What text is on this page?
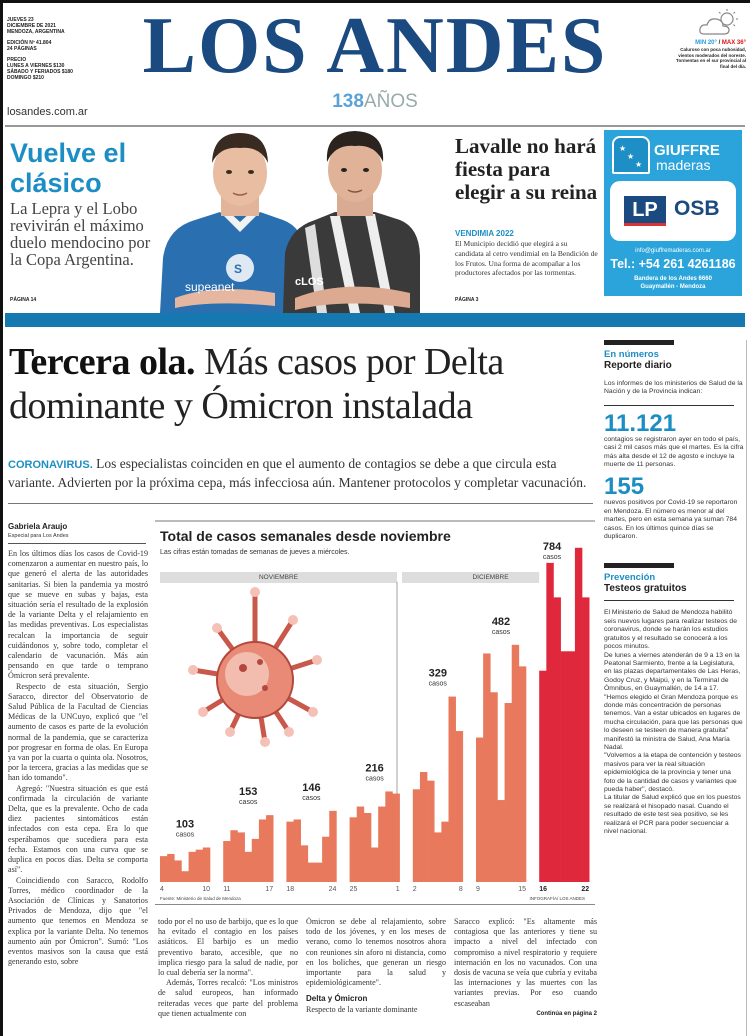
JUEVES 23
DICIEMBRE DE 2021
MENDOZA, ARGENTINA
EDICIÓN Nº 41.804
24 PÁGINAS
PRECIO
LUNES A VIERNES $130
SÁBADO Y FERIADOS $180
DOMINGO $210
losandes.com.ar
LOS ANDES
138AÑOS
MIN 20° / MAX 36°
Caluroso con poca nubosidad, vientos moderados del noreste. Tormentas en el sur provincial al final del día.
Vuelve el clásico
La Lepra y el Lobo revivirán el máximo duelo mendocino por la Copa Argentina.
PÁGINA 14
S
supeanet	cLOS
Lavalle no hará fiesta para elegir a su reina
VENDIMIA 2022
El Municipio decidió que elegirá a su candidata al cetro vendimial en la Bendición de los Frutos. Una forma de acompañar a los productores afectados por las tormentas.
PÁGINA 3
★
★
★
GIUFFRE
maderas
LP OSB
info@giuffremaderas.com.ar
Tel.: +54 261 4261186
Bandera de los Andes 6660
Guaymallén - Mendoza
Tercera ola. Más casos por Delta dominante y Ómicron instalada
CORONAVIRUS. Los especialistas coinciden en que el aumento de contagios se debe a que circula esta variante. Advierten por la próxima cepa, más infecciosa aún. Mantener protocolos y completar vacunación.
Gabriela Araujo
Especial para Los Andes

En los últimos días los casos de Covid-19 comenzaron a aumentar en nuestro país, lo que generó el alerta de las autoridades sanitarias. Si bien la pandemia ya mostró que se mueve en subas y bajas, esta situación sería el resultado de la explosión de la variante Delta y el relajamiento en las medidas preventivas. Los especialistas recalcan la importancia de seguir cuidándonos y, sobre todo, completar el calendario de vacunación. Más aún pensando en que tarde o temprano Ómicron será prevalente.

Respecto de esta situación, Sergio Saracco, director del Observatorio de Salud Pública de la Facultad de Ciencias Médicas de la UNCuyo, explicó que "el aumento de casos es parte de la evolución normal de la pandemia, que se caracteriza por progresar en forma de olas. En Europa ya van por la cuarta o quinta ola. Nosotros, por la tercera, gracias a las medidas que se han ido tomando".

Agregó: "Nuestra situación es que está confirmada la circulación de variante Delta, que es la prevalente. Ocho de cada diez pacientes sintomáticos están infectados con esta cepa. Era lo que esperábamos que sucediera para esta fecha. Estamos con una curva que se duplica en pocos días. Delta se comporta así".

Coincidiendo con Saracco, Rodolfo Torres, médico coordinador de la Asociación de Clínicas y Sanatorios Privados de Mendoza, dijo que "el aumento que tenemos en Mendoza se explica por la variante Delta. No tenemos aumento aún por Ómicron". Sumó: "Los eventos masivos son la causa que está generando esto, sobre

Total de casos semanales desde noviembre
Las cifras están tomadas de semanas de jueves a miércoles.
NOVIEMBRE	DICIEMBRE
4	10
103
casos
11	17
153
casos
18	24
146
casos
25	1
216
casos
2	8
329
casos
9	15
482
casos
16	22
784
casos
Fuente: Ministerio de Salud de Mendoza	INFOGRAFÍA/ LOS ANDES

todo por el no uso de barbijo, que es lo que ha evitado el contagio en los países asiáticos. El barbijo es un medio preventivo barato, accesible, que no implica riesgo para la salud de nadie, por lo cual debería ser la norma".

Además, Torres recalcó: "Los ministros de salud europeos, han informado reiteradas veces que parte del problema que tienen actualmente con

Ómicron se debe al relajamiento, sobre todo de los jóvenes, y en los meses de verano, como lo tenemos nosotros ahora con reuniones sin aforo ni distancia, como en los boliches, que generan un riesgo importante para la salud y epidemiológicamente".

Delta y Ómicron

Respecto de la variante dominante

Saracco explicó: "Es altamente más contagiosa que las anteriores y tiene su impacto a nivel del infectado con compromiso a nivel respiratorio y requiere internación en los no vacunados. Con una dosis de vacuna se veía que cubría y evitaba las internaciones y las muertes con las variantes previas. Por eso cuando escaseaban

Continúa en página 2
En números
Reporte diario
Los informes de los ministerios de Salud de la Nación y de la Provincia indican:
11.121
contagios se registraron ayer en todo el país, casi 2 mil casos más que el martes. Es la cifra más alta desde el 12 de agosto e incluye la muerte de 11 personas.
155
nuevos positivos por Covid-19 se reportaron en Mendoza. El número es menor al del martes, pero en esta semana ya suman 784 casos. En los últimos quince días se duplicaron.
Prevención
Testeos gratuitos
El Ministerio de Salud de Mendoza habilitó seis nuevos lugares para realizar testeos de coronavirus, donde se harán los estudios gratuitos y el resultado se conocerá a los pocos minutos.
De lunes a viernes atenderán de 9 a 13 en la Peatonal Sarmiento, frente a la Legislatura, en las plazas departamentales de Las Heras, Godoy Cruz, y Maipú, y en la Terminal de Ómnibus, en Guaymallén, de 14 a 17.
"Hemos elegido el Gran Mendoza porque es donde más concentración de personas tenemos. Van a estar ubicados en lugares de mucha circulación, para que las personas que lo deseen se testeen de manera gratuita" manifestó la ministra de Salud, Ana María Nadal.
"Volvemos a la etapa de contención y testeos masivos para ver la real situación epidemiológica de la provincia y tener una foto de la cantidad de casos y variantes que pueda haber", destacó.
La titular de Salud explicó que en los puestos se realizará el hisopado nasal. Cuando el resultado de este test sea positivo, se les realizará el PCR para poder secuenciar a nivel nacional.
